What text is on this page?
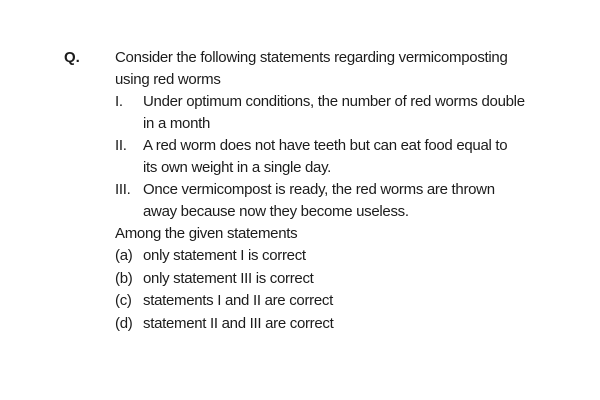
Q. Consider the following statements regarding vermicomposting
using red worms
I. Under optimum conditions, the number of red worms double
in a month
II. A red worm does not have teeth but can eat food equal to
its own weight in a single day.
III. Once vermicompost is ready, the red worms are thrown
away because now they become useless.
Among the given statements
(a) only statement I is correct
(b) only statement III is correct
(c) statements I and II are correct
(d) statement II and III are correct
